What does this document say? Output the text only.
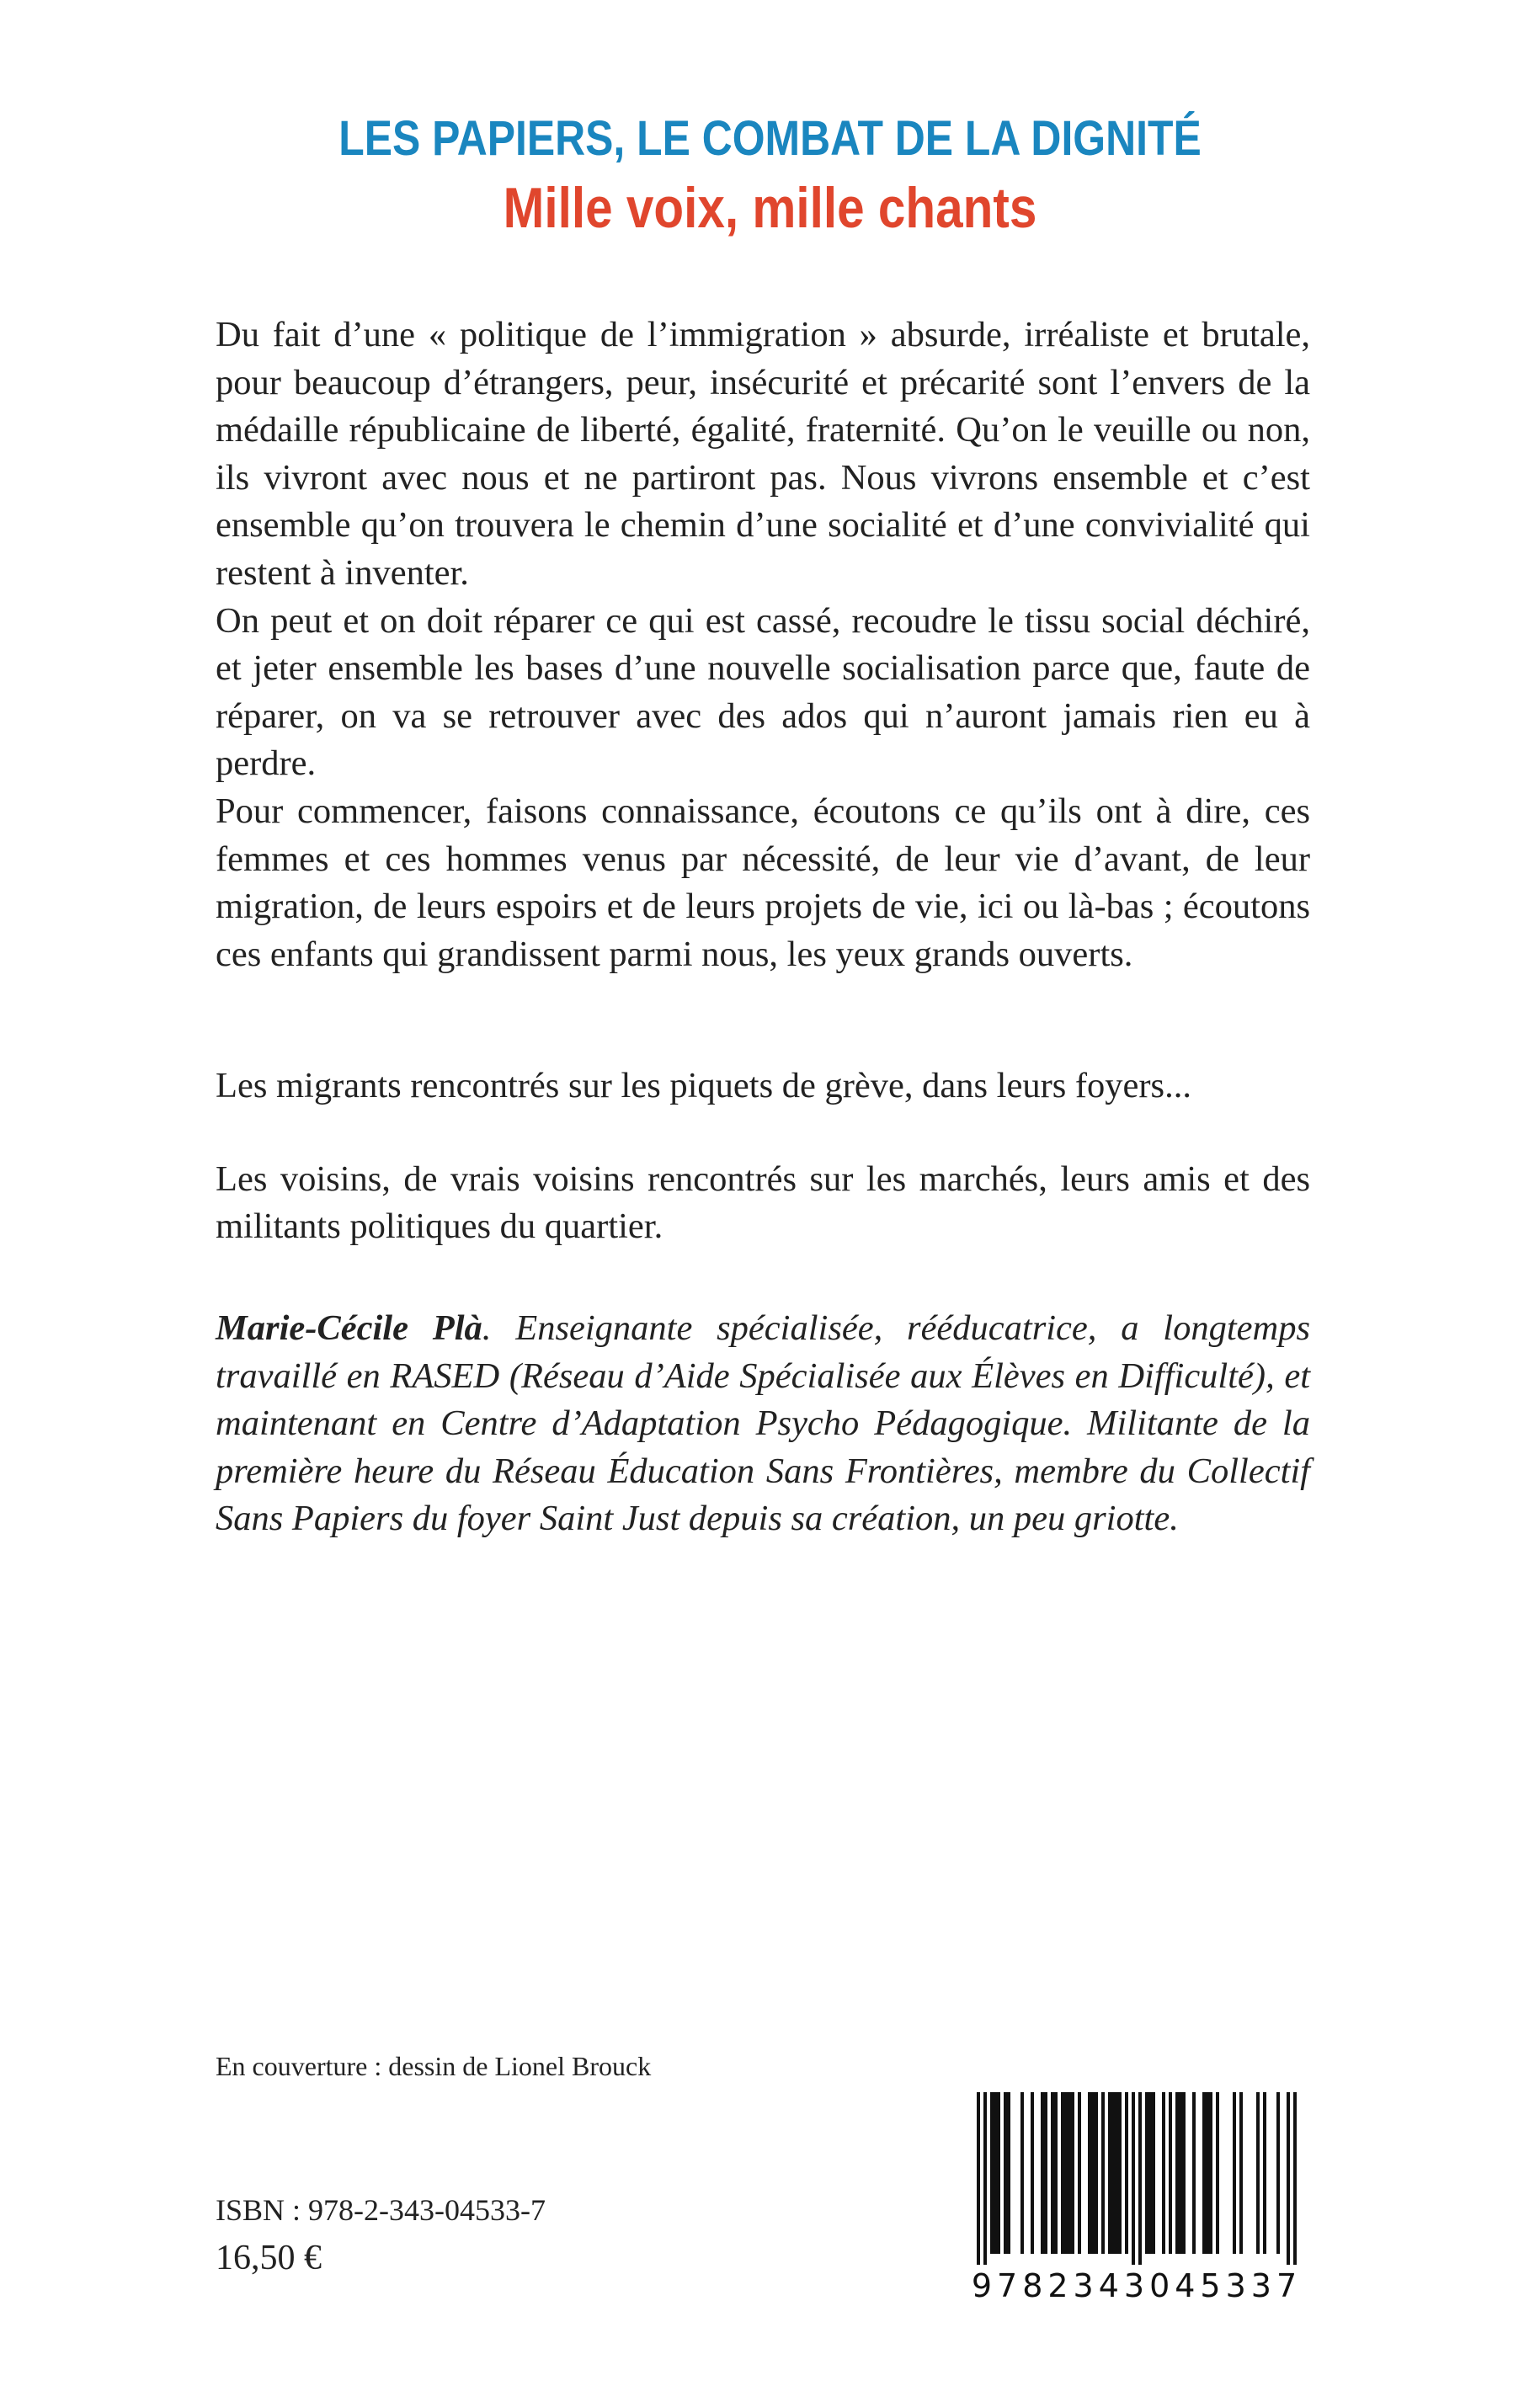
LES PAPIERS, LE COMBAT DE LA DIGNITÉ
Mille voix, mille chants

Du fait d’une « politique de l’immigration » absurde, irréaliste et brutale, pour beaucoup d’étrangers, peur, insécurité et précarité sont l’envers de la médaille républicaine de liberté, égalité, fraternité. Qu’on le veuille ou non, ils vivront avec nous et ne partiront pas. Nous vivrons ensemble et c’est ensemble qu’on trouvera le chemin d’une socialité et d’une convivialité qui restent à inventer.

On peut et on doit réparer ce qui est cassé, recoudre le tissu social déchiré, et jeter ensemble les bases d’une nouvelle socialisation parce que, faute de réparer, on va se retrouver avec des ados qui n’auront jamais rien eu à perdre.

Pour commencer, faisons connaissance, écoutons ce qu’ils ont à dire, ces femmes et ces hommes venus par nécessité, de leur vie d’avant, de leur migration, de leurs espoirs et de leurs projets de vie, ici ou là-bas ; écoutons ces enfants qui grandissent parmi nous, les yeux grands ouverts.

Les migrants rencontrés sur les piquets de grève, dans leurs foyers...

Les voisins, de vrais voisins rencontrés sur les marchés, leurs amis et des militants politiques du quartier.

Marie-Cécile Plà. Enseignante spécialisée, rééducatrice, a longtemps travaillé en RASED (Réseau d’Aide Spécialisée aux Élèves en Difficulté), et maintenant en Centre d’Adaptation Psycho Pédagogique. Militante de la première heure du Réseau Éducation Sans Frontières, membre du Collectif Sans Papiers du foyer Saint Just depuis sa création, un peu griotte.

En couverture : dessin de Lionel Brouck
ISBN : 978-2-343-04533-7
16,50 €
9782343045337
